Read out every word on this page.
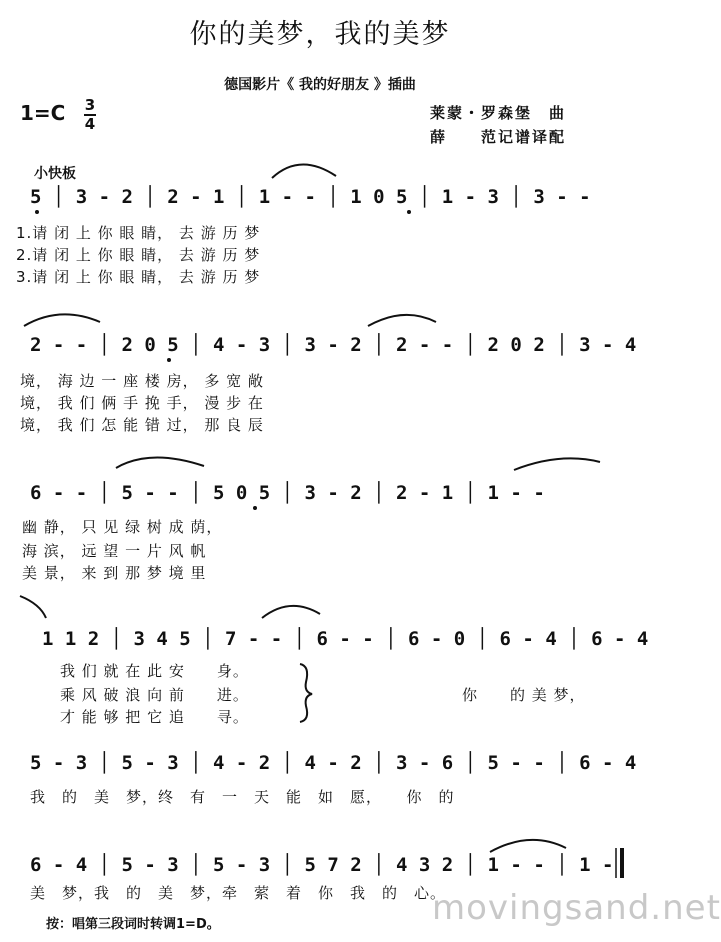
你的美梦，我的美梦
德国影片《 我的好朋友 》插曲
1=C 3
4
莱蒙・罗森堡　曲
薛　　范记谱译配
小快板
5 │ 3 - 2 │ 2 - 1 │ 1 - - │ 1 0 5 │ 1 - 3 │ 3 - -
1.请 闭 上 你 眼 睛， 去 游 历 梦
2.请 闭 上 你 眼 睛， 去 游 历 梦
3.请 闭 上 你 眼 睛， 去 游 历 梦
2 - - │ 2 0 5 │ 4 - 3 │ 3 - 2 │ 2 - - │ 2 0 2 │ 3 - 4
境， 海 边 一 座 楼 房， 多 宽 敞
境， 我 们 俩 手 挽 手， 漫 步 在
境， 我 们 怎 能 错 过， 那 良 辰
6 - - │ 5 - - │ 5 0 5 │ 3 - 2 │ 2 - 1 │ 1 - -
幽 静， 只 见 绿 树 成 荫，
海 滨， 远 望 一 片 风 帆
美 景， 来 到 那 梦 境 里
1 1 2 │ 3 4 5 │ 7 - - │ 6 - - │ 6 - 0 │ 6 - 4 │ 6 - 4
我 们 就 在 此 安　　身。
乘 风 破 浪 向 前　　进。
才 能 够 把 它 追　　寻。
你　　的 美 梦，
5 - 3 │ 5 - 3 │ 4 - 2 │ 4 - 2 │ 3 - 6 │ 5 - - │ 6 - 4
我　的　美　梦，终　有　一　天　能　如　愿，　　你　的
6 - 4 │ 5 - 3 │ 5 - 3 │ 5 7 2 │ 4 3 2 │ 1 - - │ 1 -
美　梦，我　的　美　梦，牵　萦　着　你　我　的　心。
按：唱第三段词时转调1=D。	movingsand.net
